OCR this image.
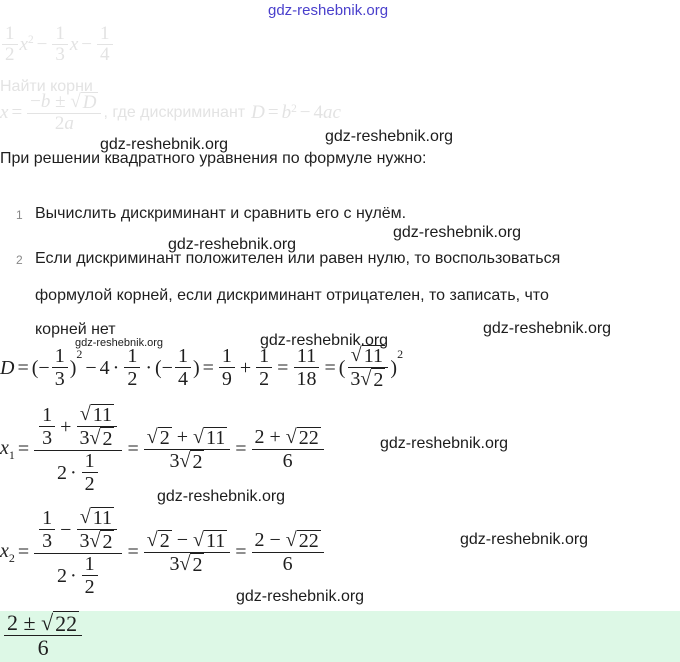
gdz-reshebnik.org
gdz-reshebnik.org	gdz-reshebnik.org
gdz-reshebnik.org
gdz-reshebnik.org
gdz-reshebnik.org	gdz-reshebnik.org
gdz-reshebnik.org
gdz-reshebnik.org
gdz-reshebnik.org
gdz-reshebnik.org
gdz-reshebnik.org
$\frac{1}{2} x^2 - \frac{1}{3}$ $x - \frac{1}{4}$
Найти корни
$x = \frac{-b \pm √ D}{2a}$ , где дискриминант $D = b^2 - 4$ ac
При решении квадратного уравнения по формуле нужно:
1 Вычислить дискриминант и сравнить его с нулём.
2 Если дискриминант положителен или равен нулю, то воспользоваться
формулой корней, если дискриминант отрицателен, то записать, что
корней нет
D = (− $\frac{1}{3}$ )
$^2$
− $4 \cdot \frac{1}{2}$ · (− $\frac{1}{4}$ ) = $\frac{1}{9} + \frac{1}{2} = \frac{11}{18}$ = ( $\frac{√ 11}{3 √ 2}$ )
$^2$
$x_1 = \frac{\frac{1}{3} + \frac{√ 11}{3 √ 2}}{2 \cdot \frac{1}{2}} = \frac{√ 2 + √ 11}{3 √ 2} = \frac{2 + √ 22}{6}$
$x_2 = \frac{\frac{1}{3} - \frac{√ 11}{3 √ 2}}{2 \cdot \frac{1}{2}} = \frac{√ 2 - √ 11}{3 √ 2} = \frac{2 - √ 22}{6}$
$\frac{2 \pm √ 22}{6}$
